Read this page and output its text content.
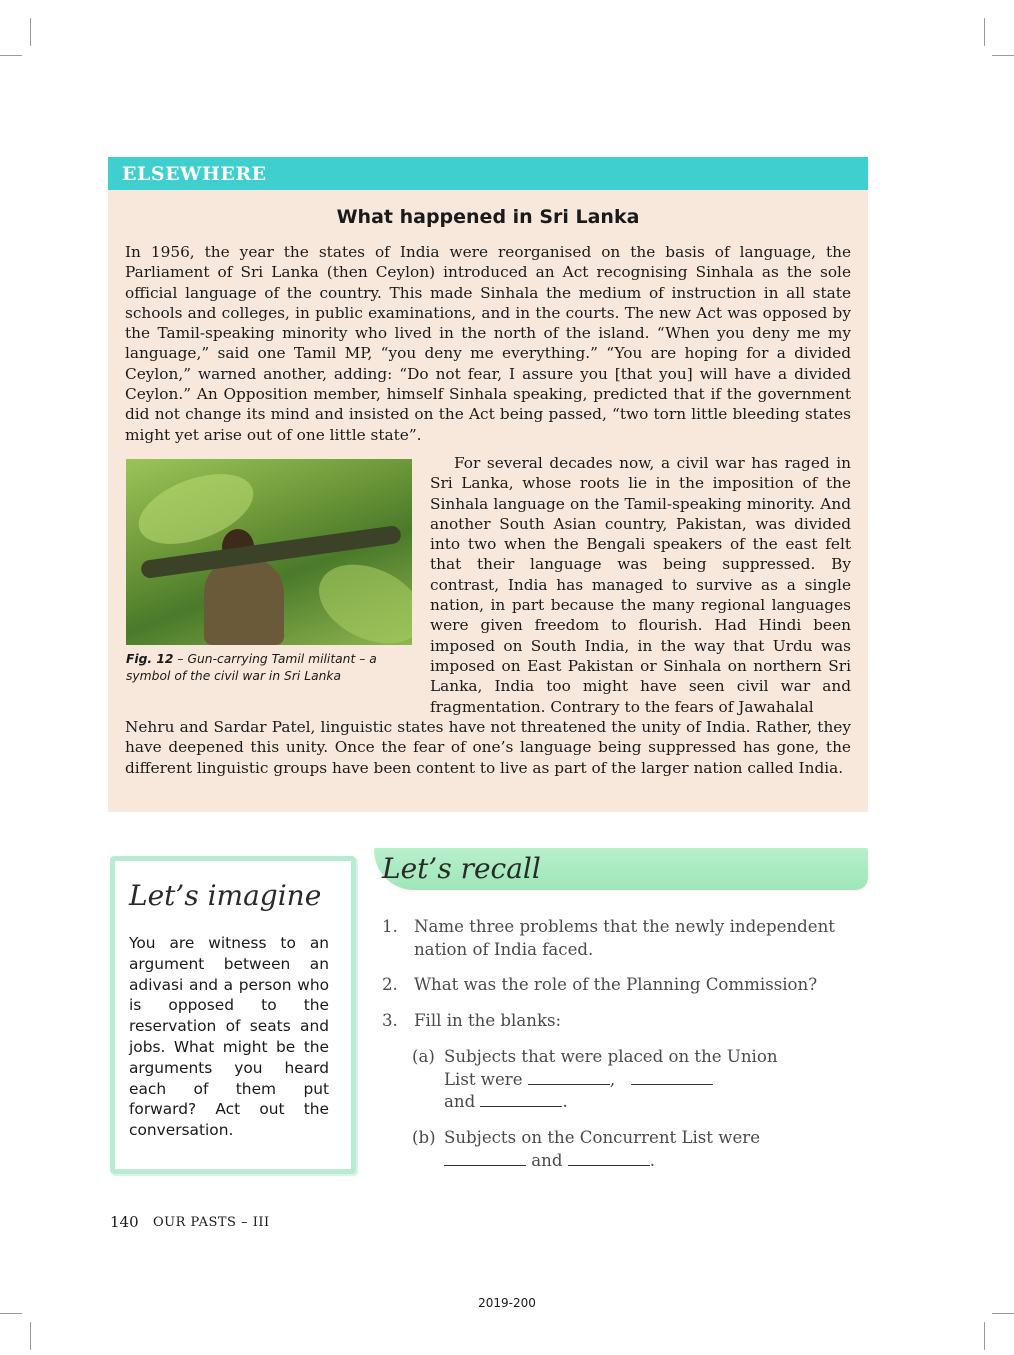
ELSEWHERE
What happened in Sri Lanka

In 1956, the year the states of India were reorganised on the basis of language, the Parliament of Sri Lanka (then Ceylon) introduced an Act recognising Sinhala as the sole official language of the country. This made Sinhala the medium of instruction in all state schools and colleges, in public examinations, and in the courts. The new Act was opposed by the Tamil-speaking minority who lived in the north of the island. “When you deny me my language,” said one Tamil MP, “you deny me everything.” “You are hoping for a divided Ceylon,” warned another, adding: “Do not fear, I assure you [that you] will have a divided Ceylon.” An Opposition member, himself Sinhala speaking, predicted that if the government did not change its mind and insisted on the Act being passed, “two torn little bleeding states might yet arise out of one little state”.

Fig. 12 – Gun-carrying Tamil militant – a symbol of the civil war in Sri Lanka

For several decades now, a civil war has raged in Sri Lanka, whose roots lie in the imposition of the Sinhala language on the Tamil-speaking minority. And another South Asian country, Pakistan, was divided into two when the Bengali speakers of the east felt that their language was being suppressed. By contrast, India has managed to survive as a single nation, in part because the many regional languages were given freedom to flourish. Had Hindi been imposed on South India, in the way that Urdu was imposed on East Pakistan or Sinhala on northern Sri Lanka, India too might have seen civil war and fragmentation. Contrary to the fears of Jawahalal

Nehru and Sardar Patel, linguistic states have not threatened the unity of India. Rather, they have deepened this unity. Once the fear of one’s language being suppressed has gone, the different linguistic groups have been content to live as part of the larger nation called India.

Let’s imagine
You are witness to an argument between an adivasi and a person who is opposed to the reservation of seats and jobs. What might be the arguments you heard each of them put forward? Act out the conversation.
Let’s recall
1. Name three problems that the newly independent
nation of India faced.
2. What was the role of the Planning Commission?
3. Fill in the blanks:
(a) Subjects that were placed on the Union
List were	,
and	.
(b) Subjects on the Concurrent List were
and	.
140 OUR PASTS – III
2019-200
